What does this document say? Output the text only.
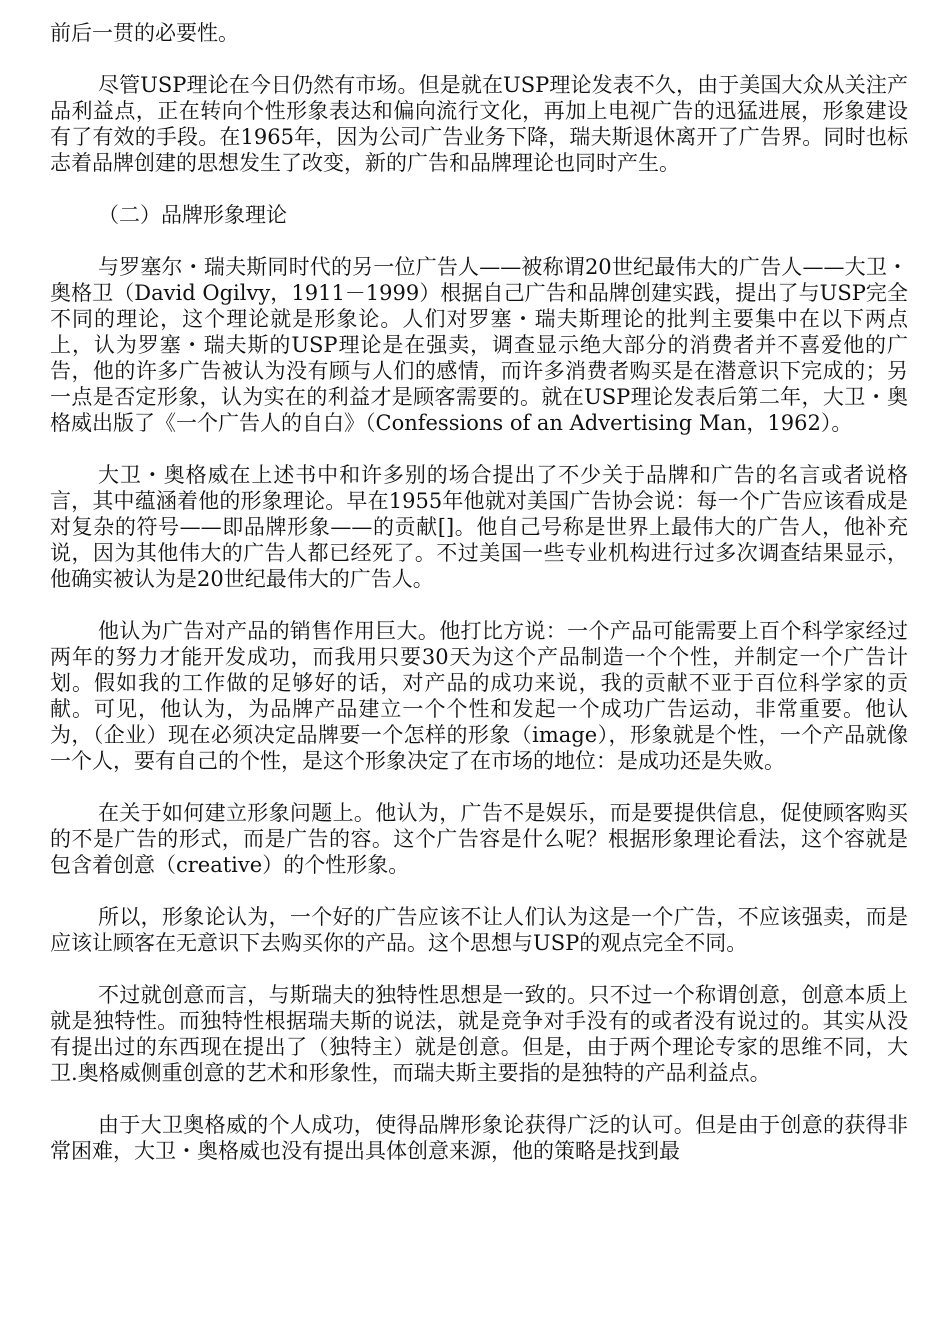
前后一贯的必要性。

尽管USP理论在今日仍然有市场。但是就在USP理论发表不久，由于美国大众从关注产品利益点，正在转向个性形象表达和偏向流行文化，再加上电视广告的迅猛进展，形象建设有了有效的手段。在1965年，因为公司广告业务下降，瑞夫斯退休离开了广告界。同时也标志着品牌创建的思想发生了改变，新的广告和品牌理论也同时产生。

（二）品牌形象理论

与罗塞尔・瑞夫斯同时代的另一位广告人——被称谓20世纪最伟大的广告人——大卫・奥格卫（David Ogilvy，1911－1999）根据自己广告和品牌创建实践，提出了与USP完全不同的理论，这个理论就是形象论。人们对罗塞・瑞夫斯理论的批判主要集中在以下两点上，认为罗塞・瑞夫斯的USP理论是在强卖，调查显示绝大部分的消费者并不喜爱他的广告，他的许多广告被认为没有顾与人们的感情，而许多消费者购买是在潜意识下完成的；另一点是否定形象，认为实在的利益才是顾客需要的。就在USP理论发表后第二年，大卫・奥格威出版了《一个广告人的自白》（Confessions of an Advertising Man，1962）。

大卫・奥格威在上述书中和许多别的场合提出了不少关于品牌和广告的名言或者说格言，其中蕴涵着他的形象理论。早在1955年他就对美国广告协会说：每一个广告应该看成是对复杂的符号——即品牌形象——的贡献[]。他自己号称是世界上最伟大的广告人，他补充说，因为其他伟大的广告人都已经死了。不过美国一些专业机构进行过多次调查结果显示，他确实被认为是20世纪最伟大的广告人。

他认为广告对产品的销售作用巨大。他打比方说：一个产品可能需要上百个科学家经过两年的努力才能开发成功，而我用只要30天为这个产品制造一个个性，并制定一个广告计划。假如我的工作做的足够好的话，对产品的成功来说，我的贡献不亚于百位科学家的贡献。可见，他认为，为品牌产品建立一个个性和发起一个成功广告运动，非常重要。他认为，（企业）现在必须决定品牌要一个怎样的形象（image），形象就是个性，一个产品就像一个人，要有自己的个性，是这个形象决定了在市场的地位：是成功还是失败。

在关于如何建立形象问题上。他认为，广告不是娱乐，而是要提供信息，促使顾客购买的不是广告的形式，而是广告的容。这个广告容是什么呢？根据形象理论看法，这个容就是包含着创意（creative）的个性形象。

所以，形象论认为，一个好的广告应该不让人们认为这是一个广告，不应该强卖，而是应该让顾客在无意识下去购买你的产品。这个思想与USP的观点完全不同。

不过就创意而言，与斯瑞夫的独特性思想是一致的。只不过一个称谓创意，创意本质上就是独特性。而独特性根据瑞夫斯的说法，就是竞争对手没有的或者没有说过的。其实从没有提出过的东西现在提出了（独特主）就是创意。但是，由于两个理论专家的思维不同，大卫.奥格威侧重创意的艺术和形象性，而瑞夫斯主要指的是独特的产品利益点。

由于大卫奥格威的个人成功，使得品牌形象论获得广泛的认可。但是由于创意的获得非常困难，大卫・奥格威也没有提出具体创意来源，他的策略是找到最
